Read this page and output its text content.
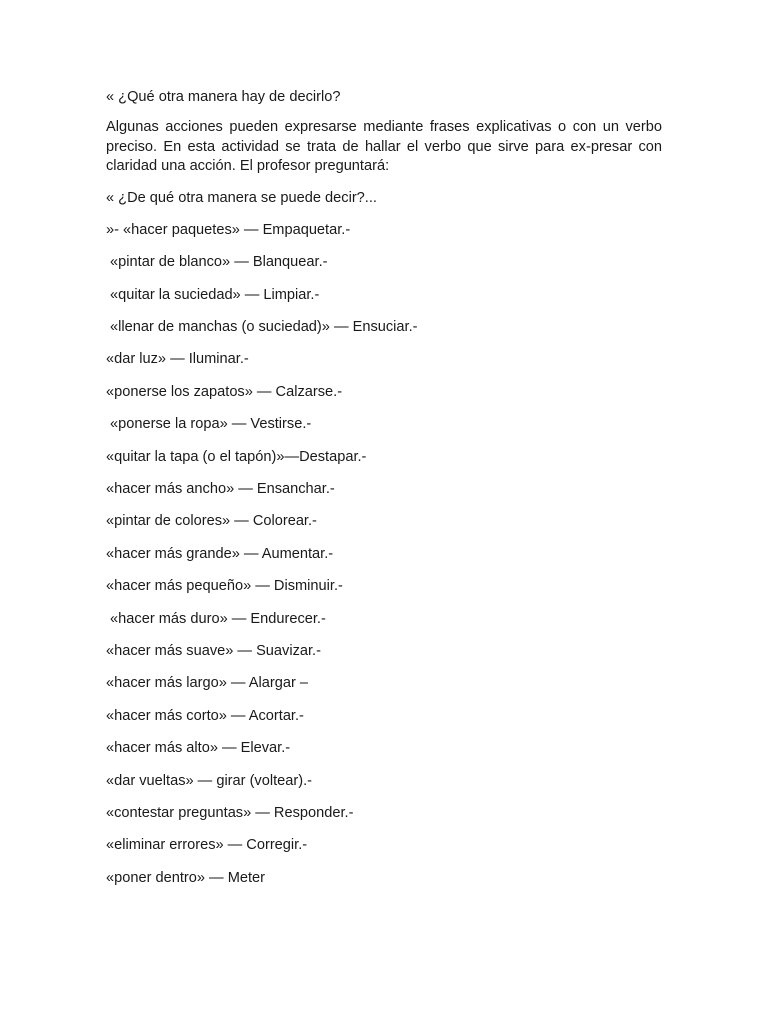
« ¿Qué otra manera hay de decirlo?
Algunas acciones pueden expresarse mediante frases explicativas o con un verbo preciso. En esta actividad se trata de hallar el verbo que sirve para ex-presar con claridad una acción. El profesor preguntará:
« ¿De qué otra manera se puede decir?...
»- «hacer paquetes» — Empaquetar.-
«pintar de blanco» — Blanquear.-
«quitar la suciedad» — Limpiar.-
«llenar de manchas (o suciedad)» — Ensuciar.-
«dar luz» — Iluminar.-
«ponerse los zapatos» — Calzarse.-
«ponerse la ropa» — Vestirse.-
«quitar la tapa (o el tapón)»—Destapar.-
«hacer más ancho» — Ensanchar.-
«pintar de colores» — Colorear.-
«hacer más grande» — Aumentar.-
«hacer más pequeño» — Disminuir.-
«hacer más duro» — Endurecer.-
«hacer más suave» — Suavizar.-
«hacer más largo» — Alargar –
«hacer más corto» — Acortar.-
«hacer más alto» — Elevar.-
«dar vueltas» — girar (voltear).-
«contestar preguntas» — Responder.-
«eliminar errores» — Corregir.-
«poner dentro» — Meter
